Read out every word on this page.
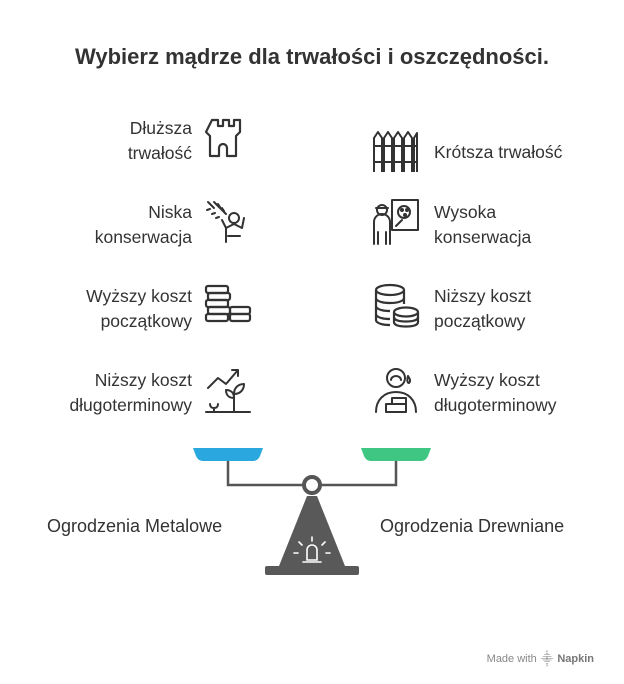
Wybierz mądrze dla trwałości i oszczędności.
Dłuższa
trwałość
Niska
konserwacja
Wyższy koszt
początkowy
Niższy koszt
długoterminowy
Krótsza trwałość
Wysoka
konserwacja
Niższy koszt
początkowy
Wyższy koszt
długoterminowy
Ogrodzenia Metalowe	Ogrodzenia Drewniane
Made with ⸎ Napkin
